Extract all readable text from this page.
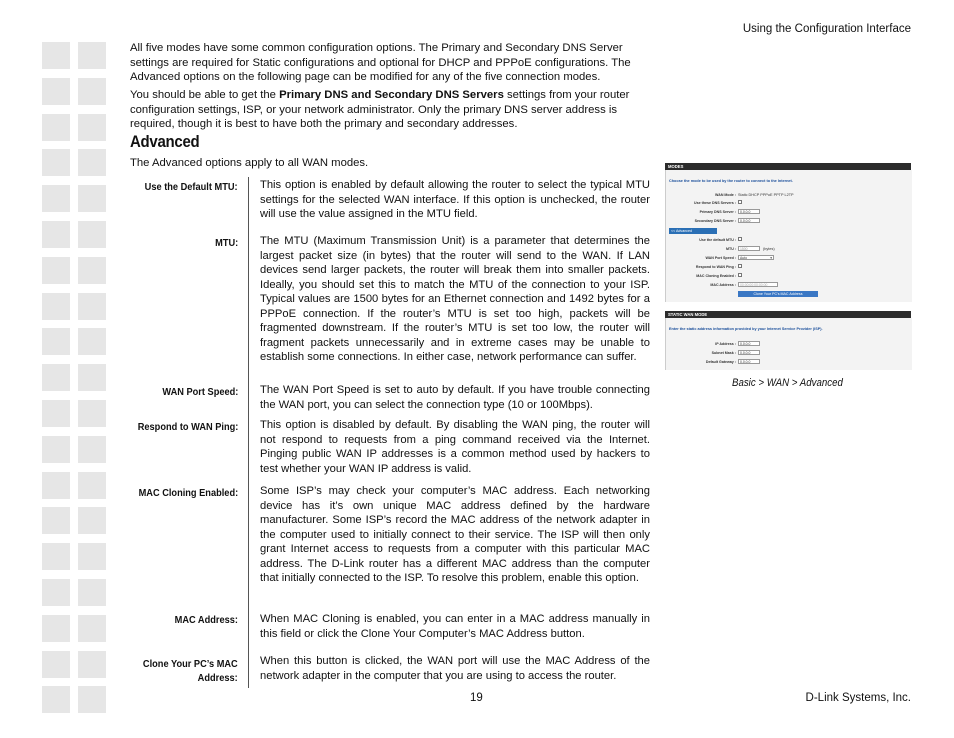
Using the Configuration Interface

All five modes have some common configuration options. The Primary and Secondary DNS Server settings are required for Static configurations and optional for DHCP and PPPoE configurations. The Advanced options on the following page can be modified for any of the five connection modes.

You should be able to get the Primary DNS and Secondary DNS Servers settings from your router configuration settings, ISP, or your network administrator. Only the primary DNS server address is required, though it is best to have both the primary and secondary addresses.

Advanced
The Advanced options apply to all WAN modes.
Use the Default MTU: This option is enabled by default allowing the router to select the typical MTU settings for the selected WAN interface. If this option is unchecked, the router will use the value assigned in the MTU field.

MTU: The MTU (Maximum Transmission Unit) is a parameter that determines the largest packet size (in bytes) that the router will send to the WAN. If LAN devices send larger packets, the router will break them into smaller packets. Ideally, you should set this to match the MTU of the connection to your ISP. Typical values are 1500 bytes for an Ethernet connection and 1492 bytes for a PPPoE connection. If the router’s MTU is set too high, packets will be fragmented downstream. If the router’s MTU is set too low, the router will fragment packets unnecessarily and in extreme cases may be unable to establish some connections. In either case, network performance can suffer.

WAN Port Speed: The WAN Port Speed is set to auto by default. If you have trouble connecting the WAN port, you can select the connection type (10 or 100Mbps).

Respond to WAN Ping: This option is disabled by default. By disabling the WAN ping, the router will not respond to requests from a ping command received via the Internet. Pinging public WAN IP addresses is a common method used by hackers to test whether your WAN IP address is valid.

MAC Cloning Enabled: Some ISP’s may check your computer’s MAC address. Each networking device has it’s own unique MAC address defined by the hardware manufacturer. Some ISP’s record the MAC address of the network adapter in the computer used to initially connect to their service. The ISP will then only grant Internet access to requests from a computer with this particular MAC address. The D-Link router has a different MAC address than the computer that initially connected to the ISP. To resolve this problem, enable this option.

MAC Address: When MAC Cloning is enabled, you can enter in a MAC address manually in this field or click the Clone Your Computer’s MAC Address button.

Clone Your PC’s MAC
Address:

When this button is clicked, the WAN port will use the MAC Address of the network adapter in the computer that you are using to access the router.

MODES
Choose the mode to be used by the router to connect to the Internet.
WAN Mode : Static DHCP PPPoE PPTP L2TP
Use these DNS Servers :
Primary DNS Server :	0.0.0.0
Secondary DNS Server :	0.0.0.0
<< Advanced
Use the default MTU :
MTU :	1500	(bytes)
WAN Port Speed :	Auto	▾
Respond to WAN Ping :
MAC Cloning Enabled :
MAC Address :	00:00:00:00:00:00
Clone Your PC's MAC Address
STATIC WAN MODE
Enter the static address information provided by your Internet Service Provider (ISP).
IP Address :	0.0.0.0
Subnet Mask :	0.0.0.0
Default Gateway :	0.0.0.0
Basic > WAN > Advanced
19	D-Link Systems, Inc.
